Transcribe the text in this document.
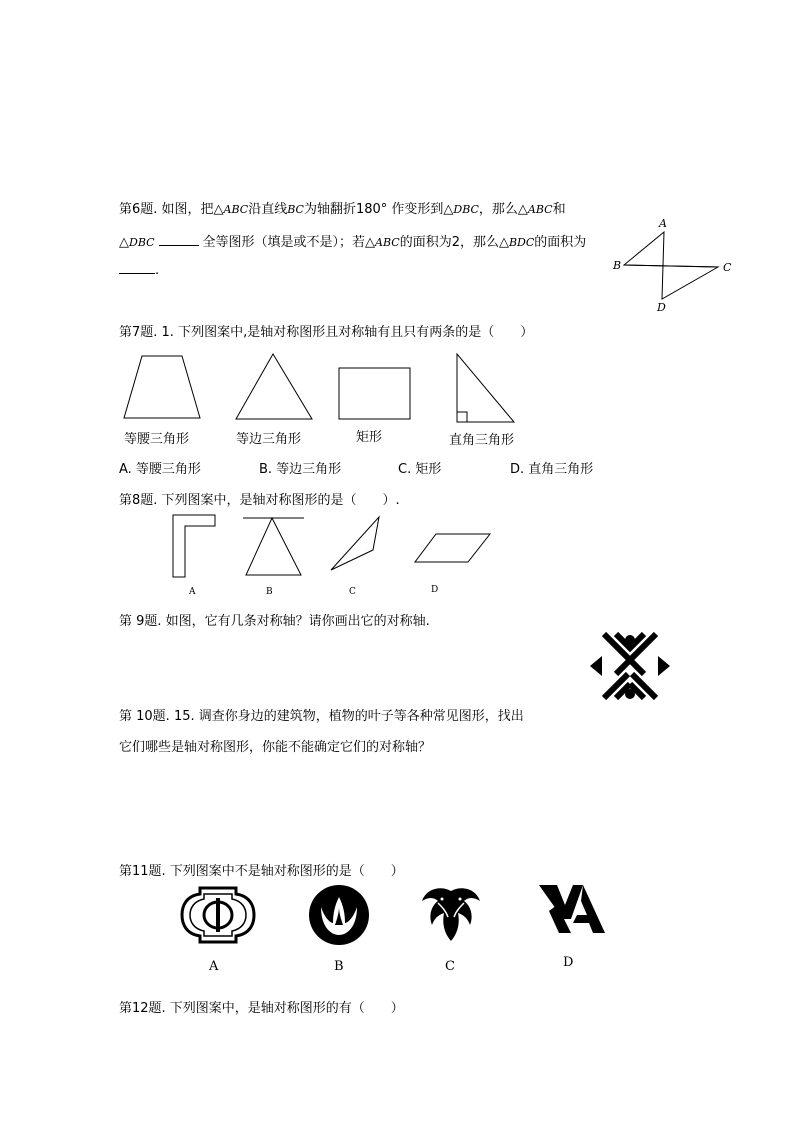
第6题. 如图，把△ABC沿直线BC为轴翻折180° 作变形到△DBC，那么△ABC和
△DBC	全等图形（填是或不是）；若△ABC的面积为2，那么△BDC的面积为
.
A
B	C
D
第7题. 1. 下列图案中,是轴对称图形且对称轴有且只有两条的是（　　）
等腰三角形	等边三角形	矩形	直角三角形
A. 等腰三角形	B. 等边三角形	C. 矩形	D. 直角三角形
第8题. 下列图案中，是轴对称图形的是（　　）.
A	B	C	D
第 9题. 如图，它有几条对称轴？请你画出它的对称轴.
第 10题. 15. 调查你身边的建筑物，植物的叶子等各种常见图形，找出
它们哪些是轴对称图形，你能不能确定它们的对称轴？
第11题. 下列图案中不是轴对称图形的是（　　）
A	B	C	D
第12题. 下列图案中，是轴对称图形的有（　　）
